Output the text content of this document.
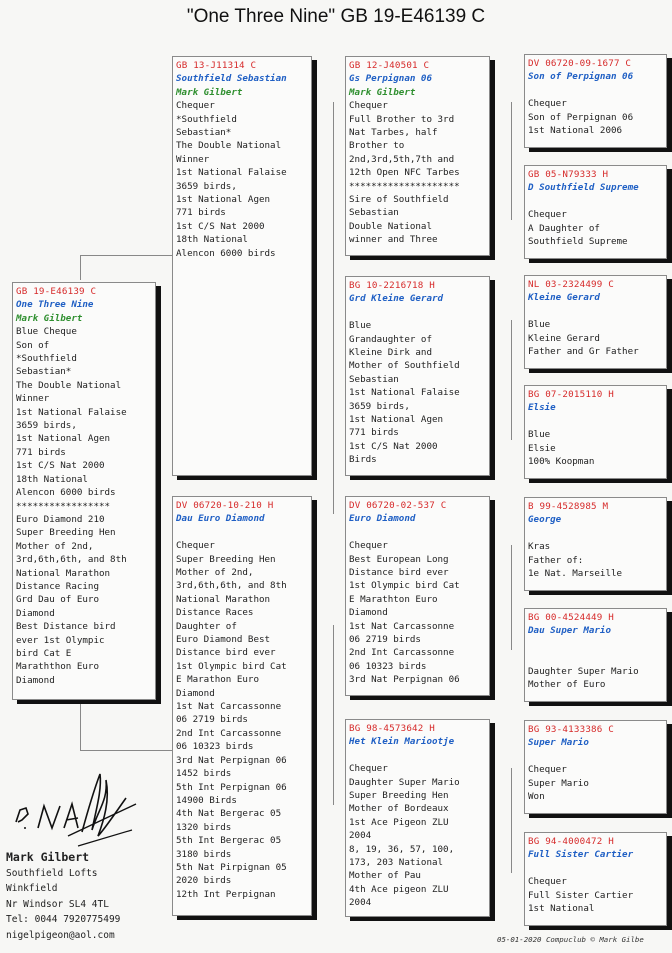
"One Three Nine" GB 19-E46139 C
GB 19-E46139 C
One Three Nine
Mark Gilbert
Blue Cheque
Son of
*Southfield
Sebastian*
The Double National
Winner
1st National Falaise
3659 birds,
1st National Agen
771 birds
1st C/S Nat 2000
18th National
Alencon 6000 birds
*****************
Euro Diamond 210
Super Breeding Hen
Mother of 2nd,
3rd,6th,6th, and 8th
National Marathon
Distance Racing
Grd Dau of Euro
Diamond
Best Distance bird
ever 1st Olympic
bird Cat E
Maraththon Euro
Diamond
GB 13-J11314 C
Southfield Sebastian
Mark Gilbert
Chequer
*Southfield
Sebastian*
The Double National
Winner
1st National Falaise
3659 birds,
1st National Agen
771 birds
1st C/S Nat 2000
18th National
Alencon 6000 birds
DV 06720-10-210 H
Dau Euro Diamond
Chequer
Super Breeding Hen
Mother of 2nd,
3rd,6th,6th, and 8th
National Marathon
Distance Races
Daughter of
Euro Diamond Best
Distance bird ever
1st Olympic bird Cat
E Marathon Euro
Diamond
1st Nat Carcassonne
06 2719 birds
2nd Int Carcassonne
06 10323 birds
3rd Nat Perpignan 06
1452 birds
5th Int Perpignan 06
14900 Birds
4th Nat Bergerac 05
1320 birds
5th Int Bergerac 05
3180 birds
5th Nat Pirpignan 05
2020 birds
12th Int Perpignan
GB 12-J40501 C
Gs Perpignan 06
Mark Gilbert
Chequer
Full Brother to 3rd
Nat Tarbes, half
Brother to
2nd,3rd,5th,7th and
12th Open NFC Tarbes
********************
Sire of Southfield
Sebastian
Double National
winner and Three
BG 10-2216718 H
Grd Kleine Gerard
Blue
Grandaughter of
Kleine Dirk and
Mother of Southfield
Sebastian
1st National Falaise
3659 birds,
1st National Agen
771 birds
1st C/S Nat 2000
Birds
DV 06720-02-537 C
Euro Diamond
Chequer
Best European Long
Distance bird ever
1st Olympic bird Cat
E Marathton Euro
Diamond
1st Nat Carcassonne
06 2719 birds
2nd Int Carcassonne
06 10323 birds
3rd Nat Perpignan 06
BG 98-4573642 H
Het Klein Mariootje
Chequer
Daughter Super Mario
Super Breeding Hen
Mother of Bordeaux
1st Ace Pigeon ZLU
2004
8, 19, 36, 57, 100,
173, 203 National
Mother of Pau
4th Ace pigeon ZLU
2004
DV 06720-09-1677 C
Son of Perpignan 06
Chequer
Son of Perpignan 06
1st National 2006
GB 05-N79333 H
D Southfield Supreme
Chequer
A Daughter of
Southfield Supreme
NL 03-2324499 C
Kleine Gerard
Blue
Kleine Gerard
Father and Gr Father
BG 07-2015110 H
Elsie
Blue
Elsie
100% Koopman
B 99-4528985 M
George
Kras
Father of:
1e Nat. Marseille
BG 00-4524449 H
Dau Super Mario
Daughter Super Mario
Mother of Euro
BG 93-4133386 C
Super Mario
Chequer
Super Mario
Won
BG 94-4000472 H
Full Sister Cartier
Chequer
Full Sister Cartier
1st National
Mark Gilbert
Southfield Lofts
Winkfield
Nr Windsor SL4 4TL
Tel: 0044 7920775499
nigelpigeon@aol.com	05-01-2020 Compuclub © Mark Gilbe
